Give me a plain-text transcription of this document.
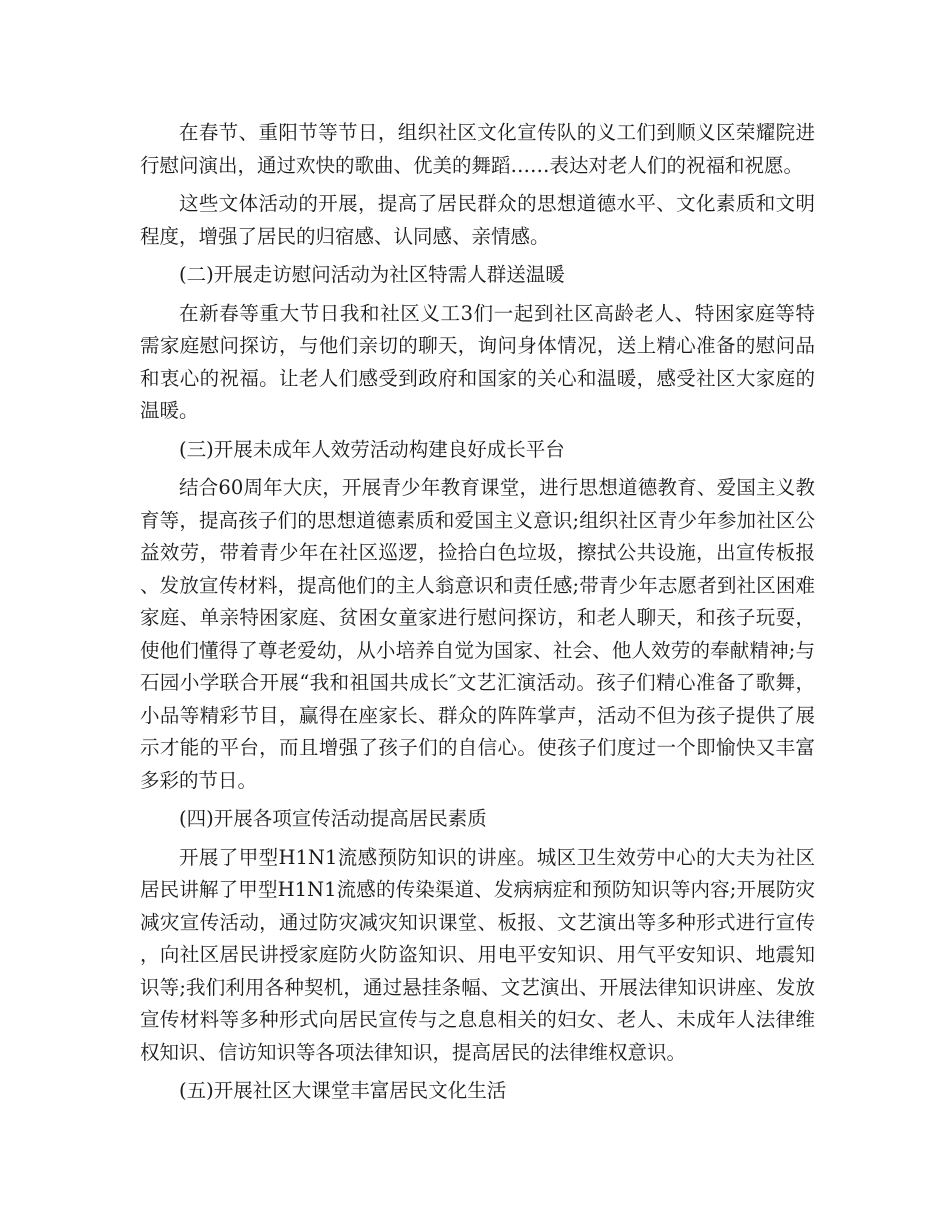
在春节、重阳节等节日，组织社区文化宣传队的义工们到顺义区荣耀院进行慰问演出，通过欢快的歌曲、优美的舞蹈……表达对老人们的祝福和祝愿。

这些文体活动的开展，提高了居民群众的思想道德水平、文化素质和文明程度，增强了居民的归宿感、认同感、亲情感。

(二)开展走访慰问活动为社区特需人群送温暖

在新春等重大节日我和社区义工3们一起到社区高龄老人、特困家庭等特需家庭慰问探访，与他们亲切的聊天，询问身体情况，送上精心准备的慰问品和衷心的祝福。让老人们感受到政府和国家的关心和温暖，感受社区大家庭的温暖。

(三)开展未成年人效劳活动构建良好成长平台

结合60周年大庆，开展青少年教育课堂，进行思想道德教育、爱国主义教育等，提高孩子们的思想道德素质和爱国主义意识;组织社区青少年参加社区公益效劳，带着青少年在社区巡逻，捡拾白色垃圾，擦拭公共设施，出宣传板报、发放宣传材料，提高他们的主人翁意识和责任感;带青少年志愿者到社区困难家庭、单亲特困家庭、贫困女童家进行慰问探访，和老人聊天，和孩子玩耍，使他们懂得了尊老爱幼，从小培养自觉为国家、社会、他人效劳的奉献精神;与石园小学联合开展“我和祖国共成长″文艺汇演活动。孩子们精心准备了歌舞，小品等精彩节目，赢得在座家长、群众的阵阵掌声，活动不但为孩子提供了展示才能的平台，而且增强了孩子们的自信心。使孩子们度过一个即愉快又丰富多彩的节日。

(四)开展各项宣传活动提高居民素质

开展了甲型H1N1流感预防知识的讲座。城区卫生效劳中心的大夫为社区居民讲解了甲型H1N1流感的传染渠道、发病病症和预防知识等内容;开展防灾减灾宣传活动，通过防灾减灾知识课堂、板报、文艺演出等多种形式进行宣传，向社区居民讲授家庭防火防盗知识、用电平安知识、用气平安知识、地震知识等;我们利用各种契机，通过悬挂条幅、文艺演出、开展法律知识讲座、发放宣传材料等多种形式向居民宣传与之息息相关的妇女、老人、未成年人法律维权知识、信访知识等各项法律知识，提高居民的法律维权意识。

(五)开展社区大课堂丰富居民文化生活
